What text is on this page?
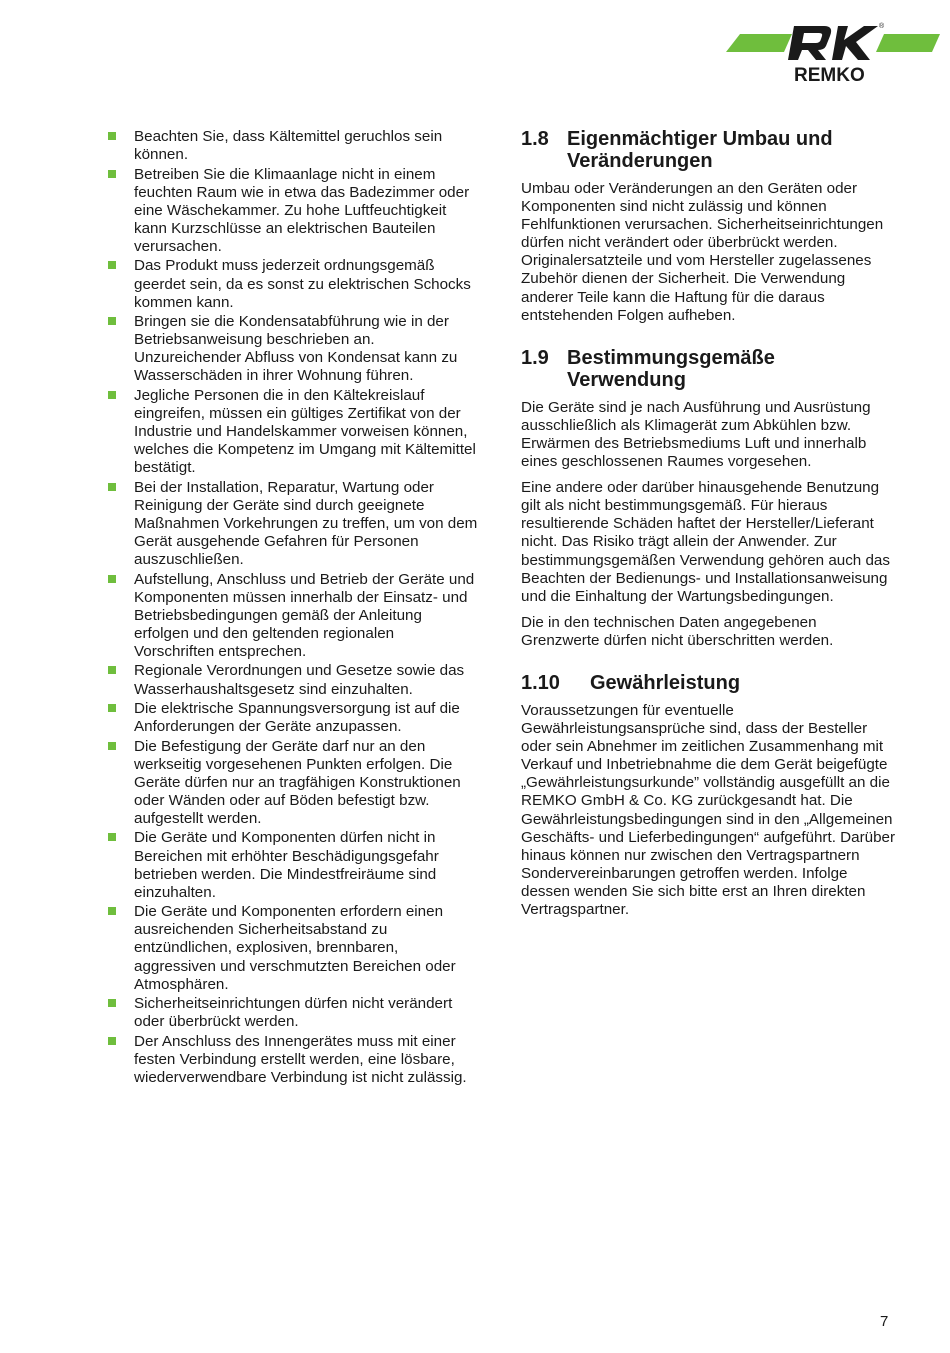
REMKO
®
Beachten Sie, dass Kältemittel geruchlos sein können.
Betreiben Sie die Klimaanlage nicht in einem feuchten Raum wie in etwa das Badezimmer oder eine Wäschekammer. Zu hohe Luftfeuchtigkeit kann Kurzschlüsse an elektrischen Bauteilen verursachen.
Das Produkt muss jederzeit ordnungsgemäß geerdet sein, da es sonst zu elektrischen Schocks kommen kann.
Bringen sie die Kondensatabführung wie in der Betriebsanweisung beschrieben an. Unzureichender Abfluss von Kondensat kann zu Wasserschäden in ihrer Wohnung führen.
Jegliche Personen die in den Kältekreislauf eingreifen, müssen ein gültiges Zertifikat von der Industrie und Handelskammer vorweisen können, welches die Kompetenz im Umgang mit Kältemittel bestätigt.
Bei der Installation, Reparatur, Wartung oder Reinigung der Geräte sind durch geeignete Maßnahmen Vorkehrungen zu treffen, um von dem Gerät ausgehende Gefahren für Personen auszuschließen.
Aufstellung, Anschluss und Betrieb der Geräte und Komponenten müssen innerhalb der Einsatz- und Betriebsbedingungen gemäß der Anleitung erfolgen und den geltenden regionalen Vorschriften entsprechen.
Regionale Verordnungen und Gesetze sowie das Wasserhaushaltsgesetz sind einzuhalten.
Die elektrische Spannungsversorgung ist auf die Anforderungen der Geräte anzupassen.
Die Befestigung der Geräte darf nur an den werkseitig vorgesehenen Punkten erfolgen. Die Geräte dürfen nur an tragfähigen Konstruktionen oder Wänden oder auf Böden befestigt bzw. aufgestellt werden.
Die Geräte und Komponenten dürfen nicht in Bereichen mit erhöhter Beschädigungsgefahr betrieben werden. Die Mindestfreiräume sind einzuhalten.
Die Geräte und Komponenten erfordern einen ausreichenden Sicherheitsabstand zu entzündlichen, explosiven, brennbaren, aggressiven und verschmutzten Bereichen oder Atmosphären.
Sicherheitseinrichtungen dürfen nicht verändert oder überbrückt werden.
Der Anschluss des Innengerätes muss mit einer festen Verbindung erstellt werden, eine lösbare, wiederverwendbare Verbindung ist nicht zulässig.
1.8 Eigenmächtiger Umbau und Veränderungen

Umbau oder Veränderungen an den Geräten oder Komponenten sind nicht zulässig und können Fehlfunktionen verursachen. Sicherheitseinrichtungen dürfen nicht verändert oder überbrückt werden. Originalersatzteile und vom Hersteller zugelassenes Zubehör dienen der Sicherheit. Die Verwendung anderer Teile kann die Haftung für die daraus entstehenden Folgen aufheben.

1.9 Bestimmungsgemäße Verwendung

Die Geräte sind je nach Ausführung und Ausrüstung ausschließlich als Klimagerät zum Abkühlen bzw. Erwärmen des Betriebsmediums Luft und innerhalb eines geschlossenen Raumes vorgesehen.

Eine andere oder darüber hinausgehende Benutzung gilt als nicht bestimmungsgemäß. Für hieraus resultierende Schäden haftet der Hersteller/Lieferant nicht. Das Risiko trägt allein der Anwender. Zur bestimmungsgemäßen Verwendung gehören auch das Beachten der Bedienungs- und Installationsanweisung und die Einhaltung der Wartungsbedingungen.

Die in den technischen Daten angegebenen Grenzwerte dürfen nicht überschritten werden.

1.10	Gewährleistung

Voraussetzungen für eventuelle Gewährleistungsansprüche sind, dass der Besteller oder sein Abnehmer im zeitlichen Zusammenhang mit Verkauf und Inbetriebnahme die dem Gerät beigefügte „Gewährleistungsurkunde” vollständig ausgefüllt an die REMKO GmbH & Co. KG zurückgesandt hat. Die Gewährleistungsbedingungen sind in den „Allgemeinen Geschäfts- und Lieferbedingungen“ aufgeführt. Darüber hinaus können nur zwischen den Vertragspartnern Sondervereinbarungen getroffen werden. Infolge dessen wenden Sie sich bitte erst an Ihren direkten Vertragspartner.

7
